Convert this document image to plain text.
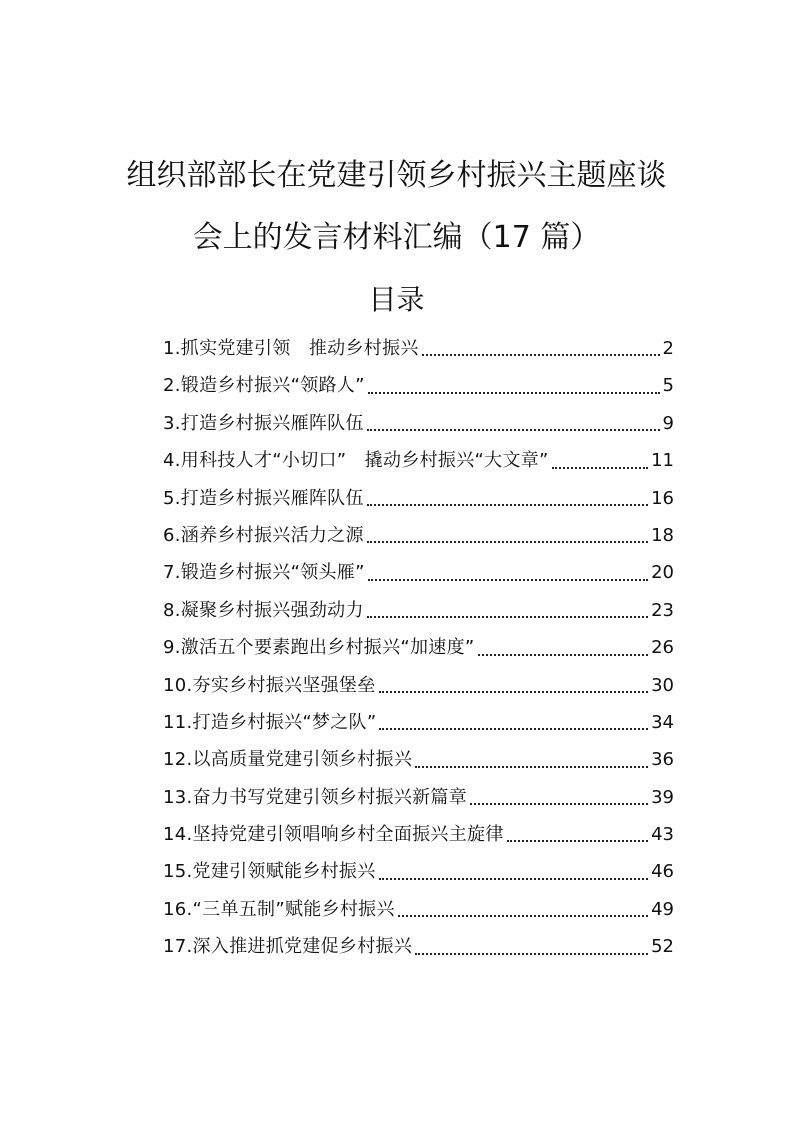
组织部部长在党建引领乡村振兴主题座谈
会上的发言材料汇编（17 篇）
目录
1.抓实党建引领　推动乡村振兴	2
2.锻造乡村振兴“领路人”	5
3.打造乡村振兴雁阵队伍	9
4.用科技人才“小切口”　撬动乡村振兴“大文章”	11
5.打造乡村振兴雁阵队伍	16
6.涵养乡村振兴活力之源	18
7.锻造乡村振兴“领头雁”	20
8.凝聚乡村振兴强劲动力	23
9.激活五个要素跑出乡村振兴“加速度”	26
10.夯实乡村振兴坚强堡垒	30
11.打造乡村振兴“梦之队”	34
12.以高质量党建引领乡村振兴	36
13.奋力书写党建引领乡村振兴新篇章	39
14.坚持党建引领唱响乡村全面振兴主旋律	43
15.党建引领赋能乡村振兴	46
16.“三单五制”赋能乡村振兴	49
17.深入推进抓党建促乡村振兴	52
